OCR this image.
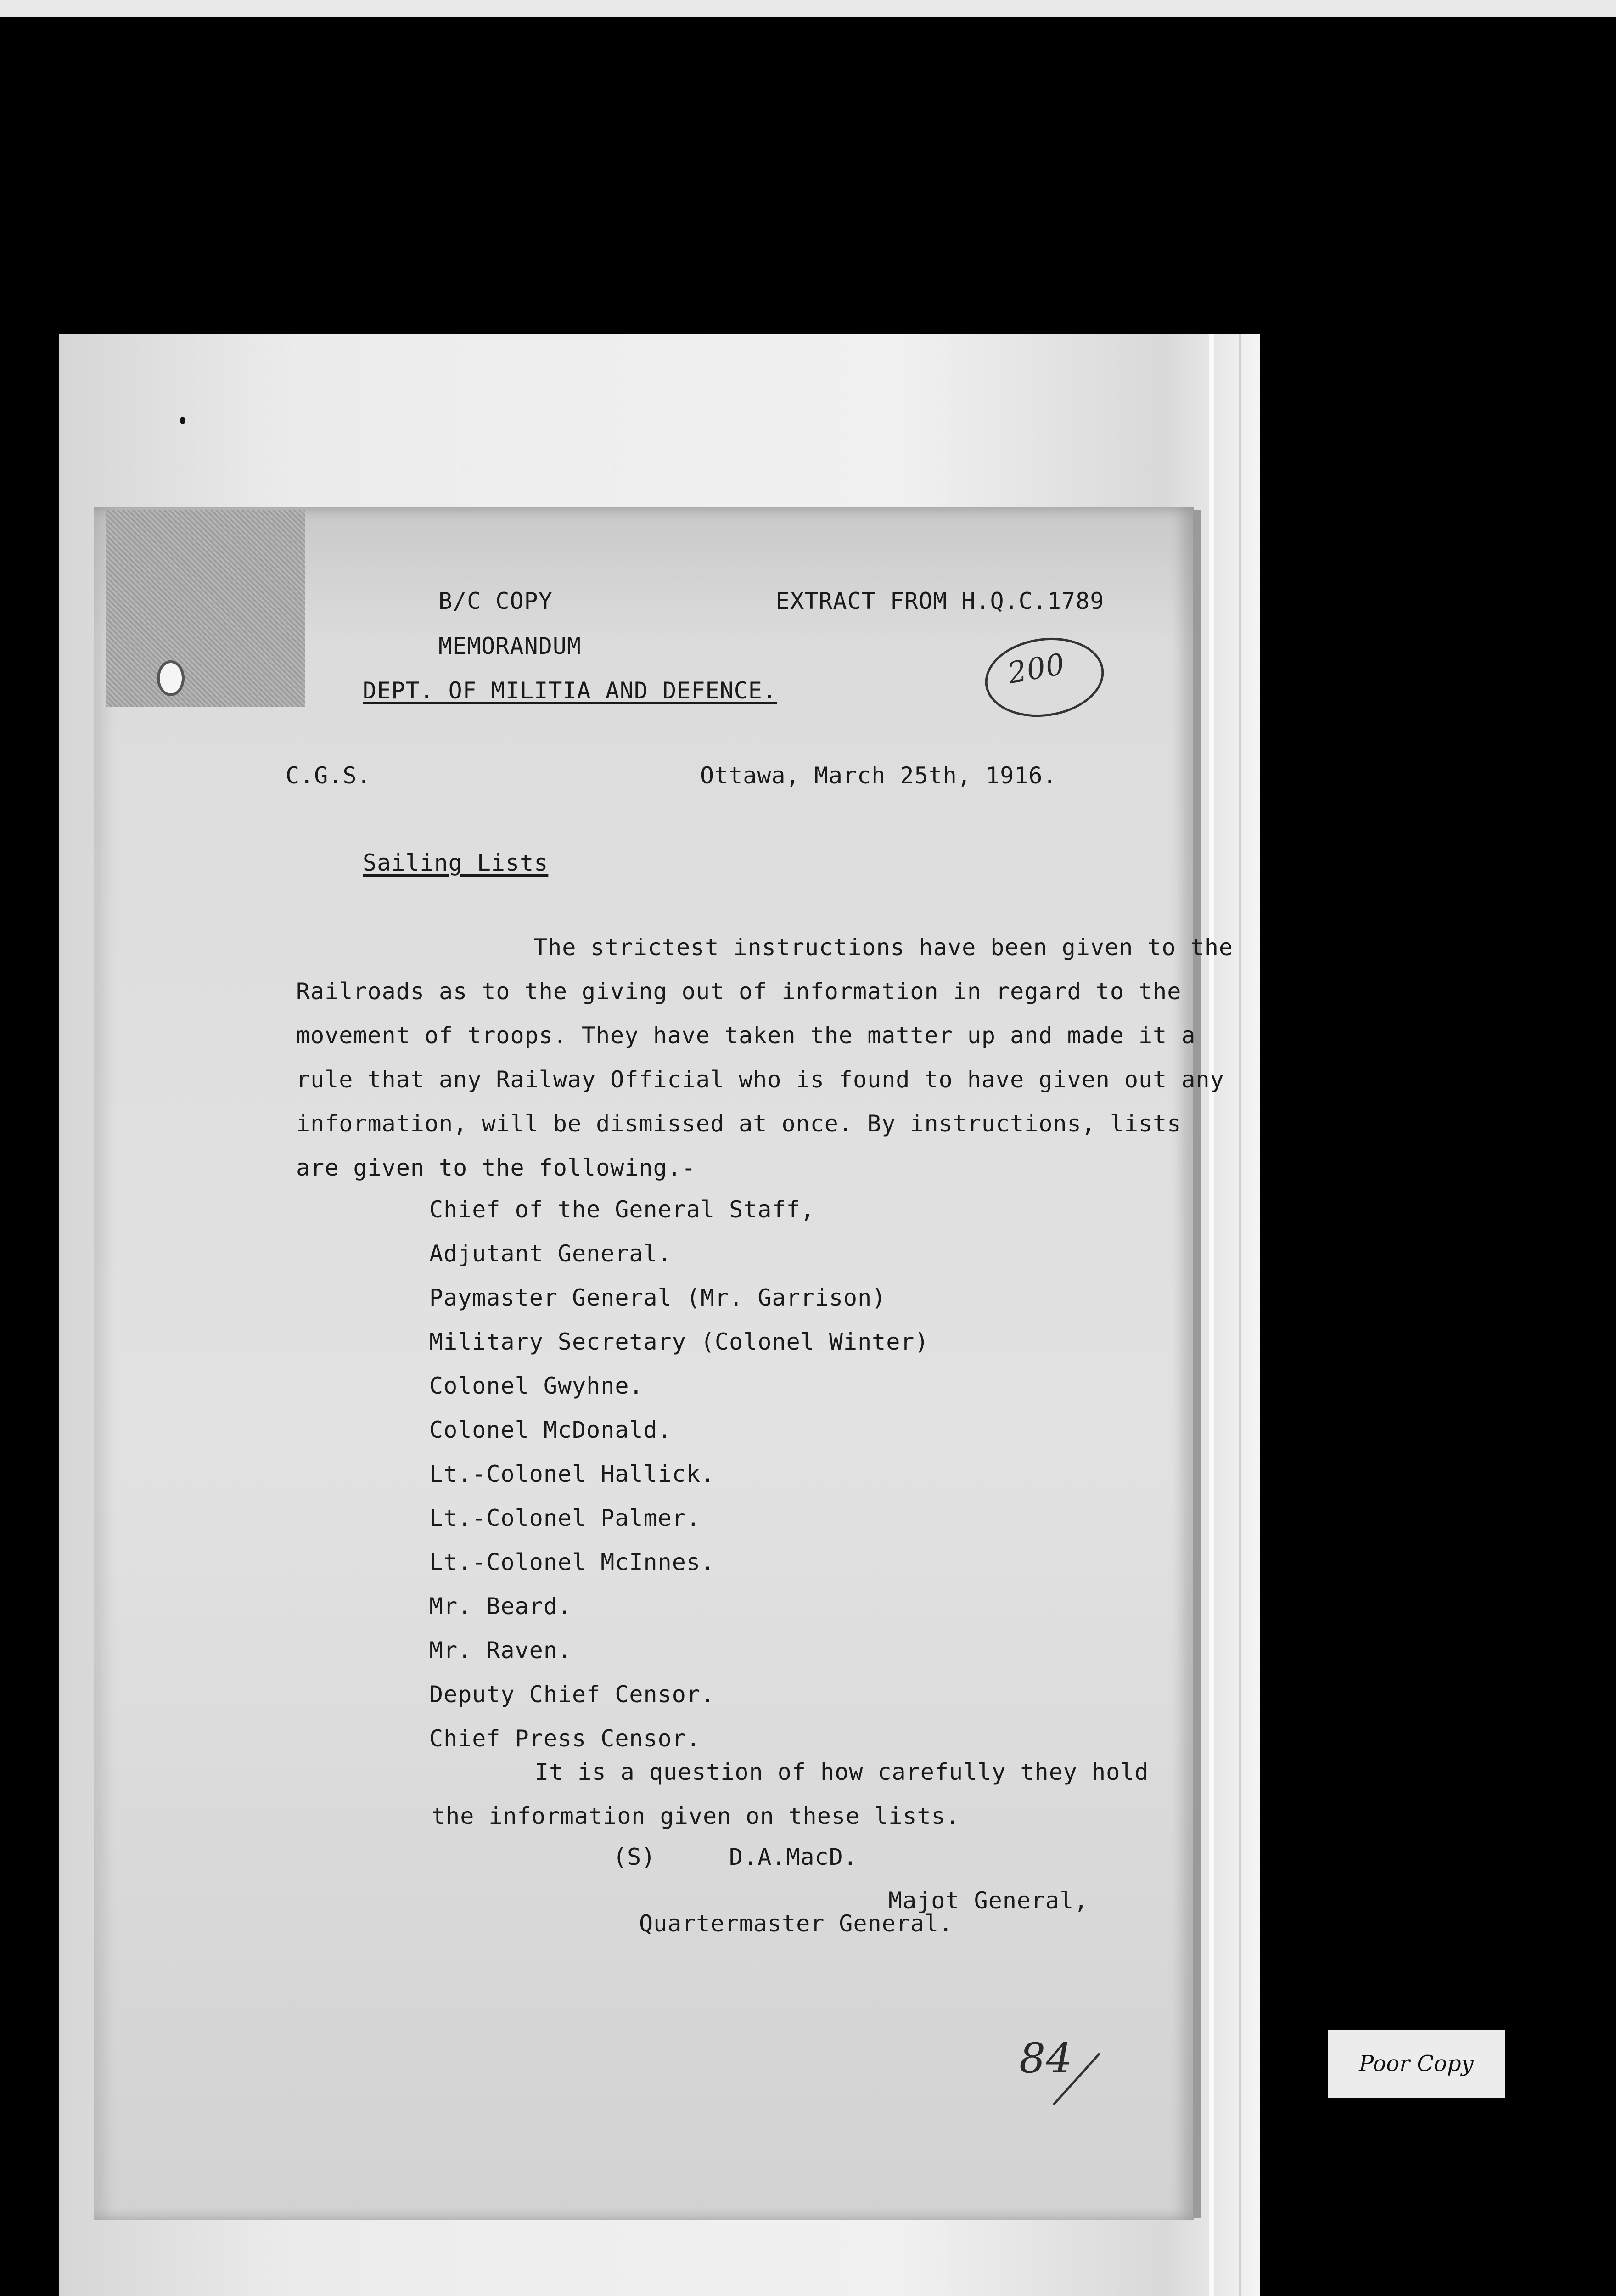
B/C COPY	EXTRACT FROM H.Q.C.1789
MEMORANDUM
DEPT. OF MILITIA AND DEFENCE.	200
C.G.S.	Ottawa, March 25th, 1916.
Sailing Lists
The strictest instructions have been given to the
Railroads as to the giving out of information in regard to the
movement of troops. They have taken the matter up and made it a
rule that any Railway Official who is found to have given out any
information, will be dismissed at once. By instructions, lists
are given to the following.-
Chief of the General Staff,
Adjutant General.
Paymaster General (Mr. Garrison)
Military Secretary (Colonel Winter)
Colonel Gwyhne.
Colonel McDonald.
Lt.-Colonel Hallick.
Lt.-Colonel Palmer.
Lt.-Colonel McInnes.
Mr. Beard.
Mr. Raven.
Deputy Chief Censor.
Chief Press Censor.
It is a question of how carefully they hold
the information given on these lists.
(S)	D.A.MacD.
Majot General,
Quartermaster General.
84	Poor Copy
